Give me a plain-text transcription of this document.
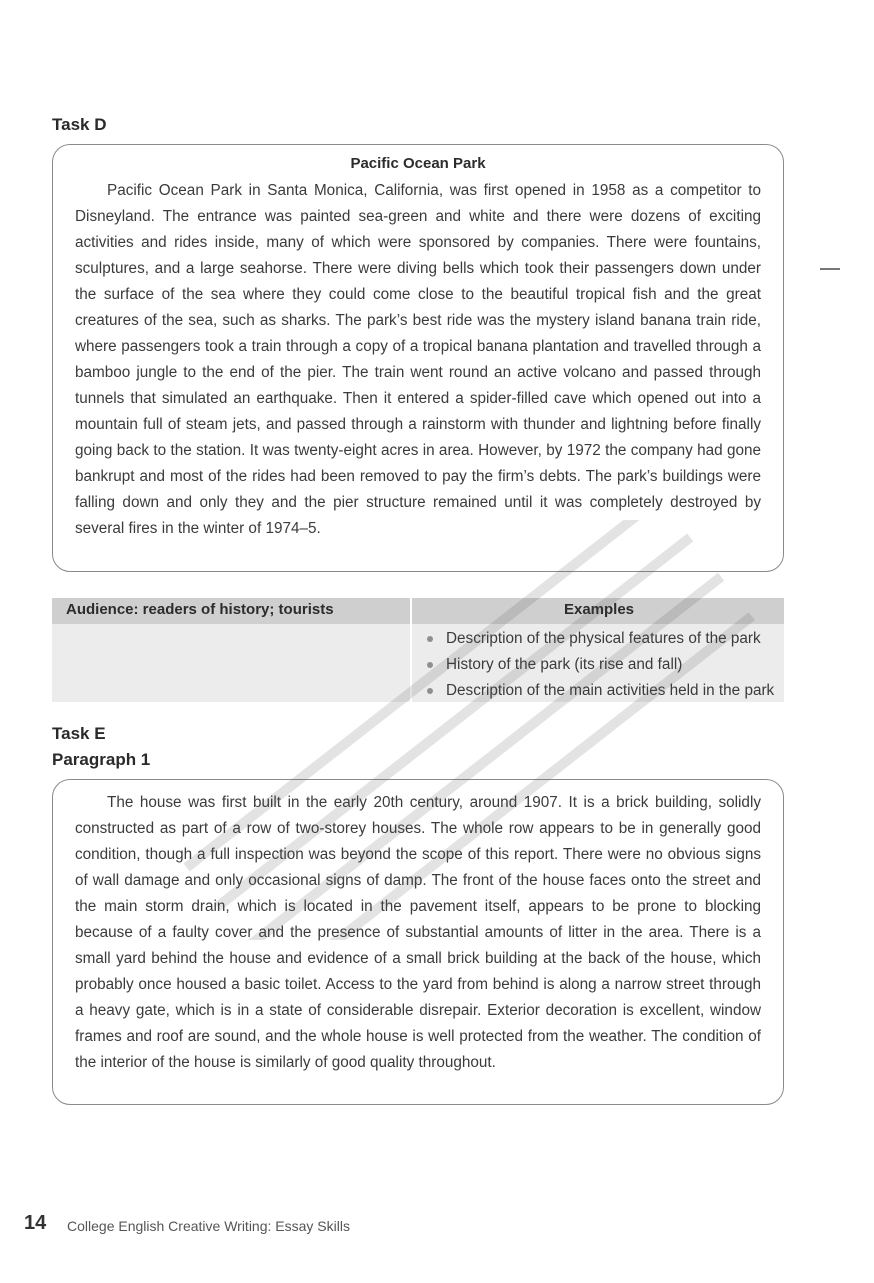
Task D
Pacific Ocean Park

Pacific Ocean Park in Santa Monica, California, was first opened in 1958 as a competitor to Disneyland. The entrance was painted sea-green and white and there were dozens of exciting activities and rides inside, many of which were sponsored by companies. There were fountains, sculptures, and a large seahorse. There were diving bells which took their passengers down under the surface of the sea where they could come close to the beautiful tropical fish and the great creatures of the sea, such as sharks. The park’s best ride was the mystery island banana train ride, where passengers took a train through a copy of a tropical banana plantation and travelled through a bamboo jungle to the end of the pier. The train went round an active volcano and passed through tunnels that simulated an earthquake. Then it entered a spider-filled cave which opened out into a mountain full of steam jets, and passed through a rainstorm with thunder and lightning before finally going back to the station. It was twenty-eight acres in area. However, by 1972 the company had gone bankrupt and most of the rides had been removed to pay the firm’s debts. The park’s buildings were falling down and only they and the pier structure remained until it was completely destroyed by several fires in the winter of 1974–5.

Audience: readers of history; tourists	Examples
Description of the physical features of the park
History of the park (its rise and fall)
Description of the main activities held in the park
Task E
Paragraph 1

The house was first built in the early 20th century, around 1907. It is a brick building, solidly constructed as part of a row of two-storey houses. The whole row appears to be in generally good condition, though a full inspection was beyond the scope of this report. There were no obvious signs of wall damage and only occasional signs of damp. The front of the house faces onto the street and the main storm drain, which is located in the pavement itself, appears to be prone to blocking because of a faulty cover and the presence of substantial amounts of litter in the area. There is a small yard behind the house and evidence of a small brick building at the back of the house, which probably once housed a basic toilet. Access to the yard from behind is along a narrow street through a heavy gate, which is in a state of considerable disrepair. Exterior decoration is excellent, window frames and roof are sound, and the whole house is well protected from the weather. The condition of the interior of the house is similarly of good quality throughout.

14 College English Creative Writing: Essay Skills
